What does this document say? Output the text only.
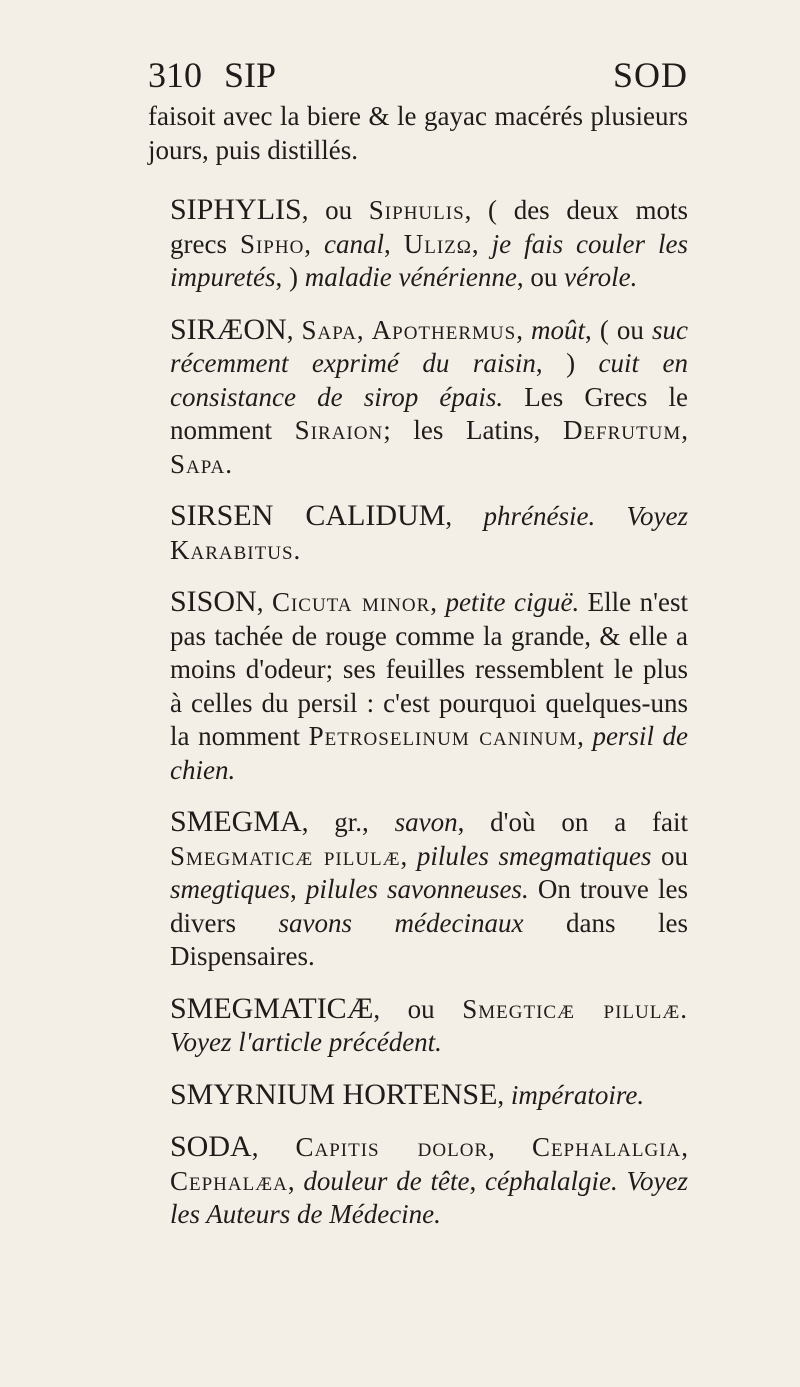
310 SIP	SOD

faisoit avec la biere & le gayac macérés plusieurs jours, puis distillés.

SIPHYLIS, ou Siphulis, ( des deux mots grecs Sipho, canal, Ulizω, je fais couler les impuretés, ) maladie vénérienne, ou vérole.

SIRÆON, Sapa, Apothermus, moût, ( ou suc récemment exprimé du raisin, ) cuit en consistance de sirop épais. Les Grecs le nomment Siraion; les Latins, Defrutum, Sapa.

SIRSEN CALIDUM, phrénésie. Voyez Karabitus.

SISON, Cicuta minor, petite ciguë. Elle n'est pas tachée de rouge comme la grande, & elle a moins d'odeur; ses feuilles ressemblent le plus à celles du persil : c'est pourquoi quelques-uns la nomment Petroselinum caninum, persil de chien.

SMEGMA, gr., savon, d'où on a fait Smegmaticæ pilulæ, pilules smegmatiques ou smegtiques, pilules savonneuses. On trouve les divers savons médecinaux dans les Dispensaires.

SMEGMATICÆ, ou Smegticæ pilulæ. Voyez l'article précédent.

SMYRNIUM HORTENSE, impératoire.

SODA, Capitis dolor, Cephalalgia, Cephalæa, douleur de tête, céphalalgie. Voyez les Auteurs de Médecine.
